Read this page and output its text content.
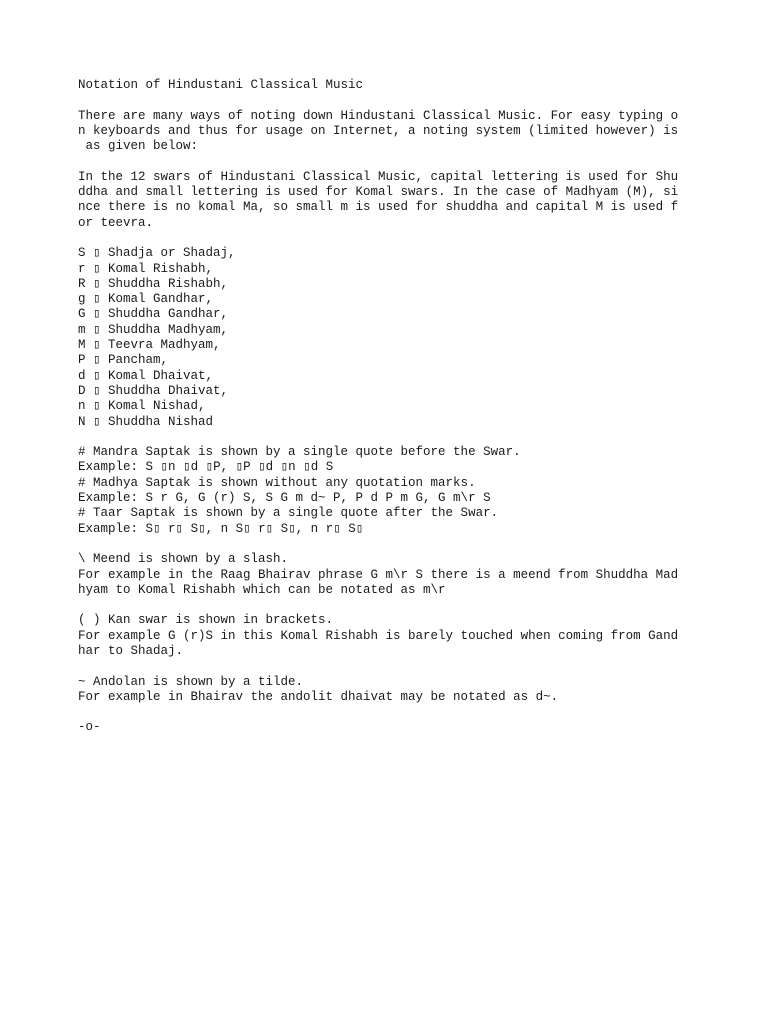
Notation of Hindustani Classical Music
There are many ways of noting down Hindustani Classical Music. For easy typing o
n keyboards and thus for usage on Internet, a noting system (limited however) is
as given below:
In the 12 swars of Hindustani Classical Music, capital lettering is used for Shu
ddha and small lettering is used for Komal swars. In the case of Madhyam (M), si
nce there is no komal Ma, so small m is used for shuddha and capital M is used f
or teevra.
S ▯ Shadja or Shadaj,
r ▯ Komal Rishabh,
R ▯ Shuddha Rishabh,
g ▯ Komal Gandhar,
G ▯ Shuddha Gandhar,
m ▯ Shuddha Madhyam,
M ▯ Teevra Madhyam,
P ▯ Pancham,
d ▯ Komal Dhaivat,
D ▯ Shuddha Dhaivat,
n ▯ Komal Nishad,
N ▯ Shuddha Nishad
# Mandra Saptak is shown by a single quote before the Swar.
Example: S ▯n ▯d ▯P, ▯P ▯d ▯n ▯d S
# Madhya Saptak is shown without any quotation marks.
Example: S r G, G (r) S, S G m d~ P, P d P m G, G m\r S
# Taar Saptak is shown by a single quote after the Swar.
Example: S▯ r▯ S▯, n S▯ r▯ S▯, n r▯ S▯
\ Meend is shown by a slash.
For example in the Raag Bhairav phrase G m\r S there is a meend from Shuddha Mad
hyam to Komal Rishabh which can be notated as m\r
( ) Kan swar is shown in brackets.
For example G (r)S in this Komal Rishabh is barely touched when coming from Gand
har to Shadaj.
~ Andolan is shown by a tilde.
For example in Bhairav the andolit dhaivat may be notated as d~.
-o-
